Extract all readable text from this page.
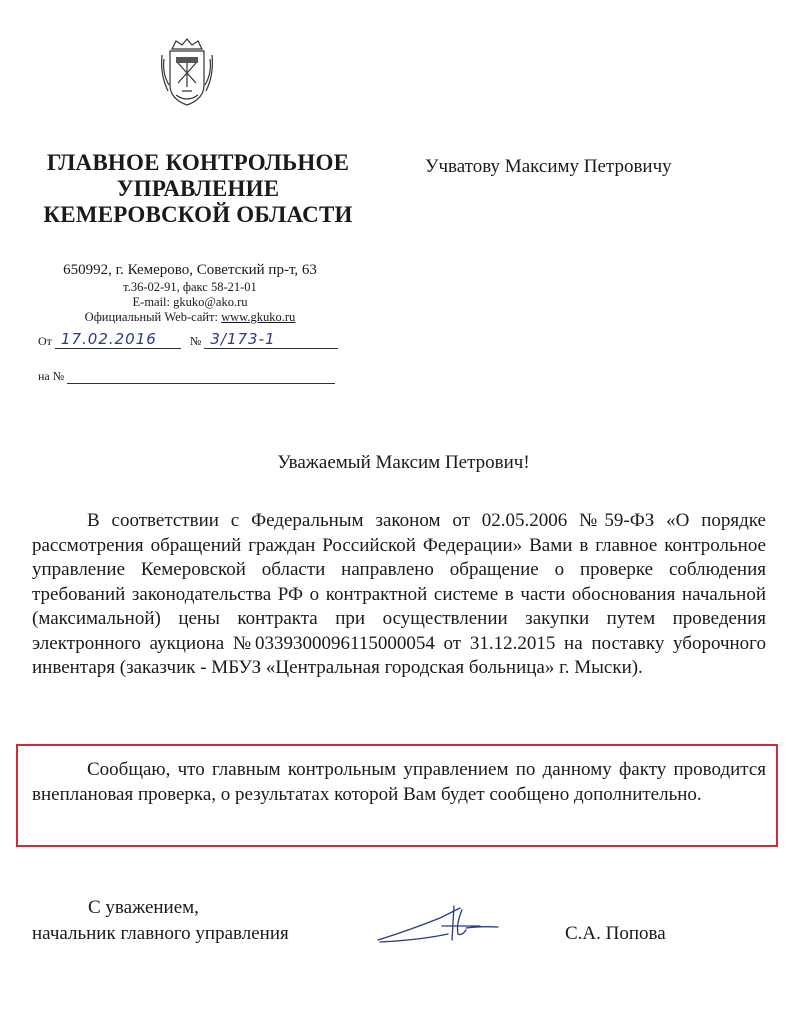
ГЛАВНОЕ КОНТРОЛЬНОЕ
УПРАВЛЕНИЕ
КЕМЕРОВСКОЙ ОБЛАСТИ
Учватову Максиму Петровичу
650992, г. Кемерово, Советский пр-т, 63
т.36-02-91, факс 58-21-01
E-mail: gkuko@ako.ru
Официальный Web-сайт: www.gkuko.ru
От 17.02.2016	№ 3/173-1
на №
Уважаемый Максим Петрович!

В соответствии с Федеральным законом от 02.05.2006 №59-ФЗ «О порядке рассмотрения обращений граждан Российской Федерации» Вами в главное контрольное управление Кемеровской области направлено обращение о проверке соблюдения требований законодательства РФ о контрактной системе в части обоснования начальной (максимальной) цены контракта при осуществлении закупки путем проведения электронного аукциона №0339300096115000054 от 31.12.2015 на поставку уборочного инвентаря (заказчик - МБУЗ «Центральная городская больница» г. Мыски).

Сообщаю, что главным контрольным управлением по данному факту проводится внеплановая проверка, о результатах которой Вам будет сообщено дополнительно.

С уважением,
начальник главного управления	С.А. Попова
